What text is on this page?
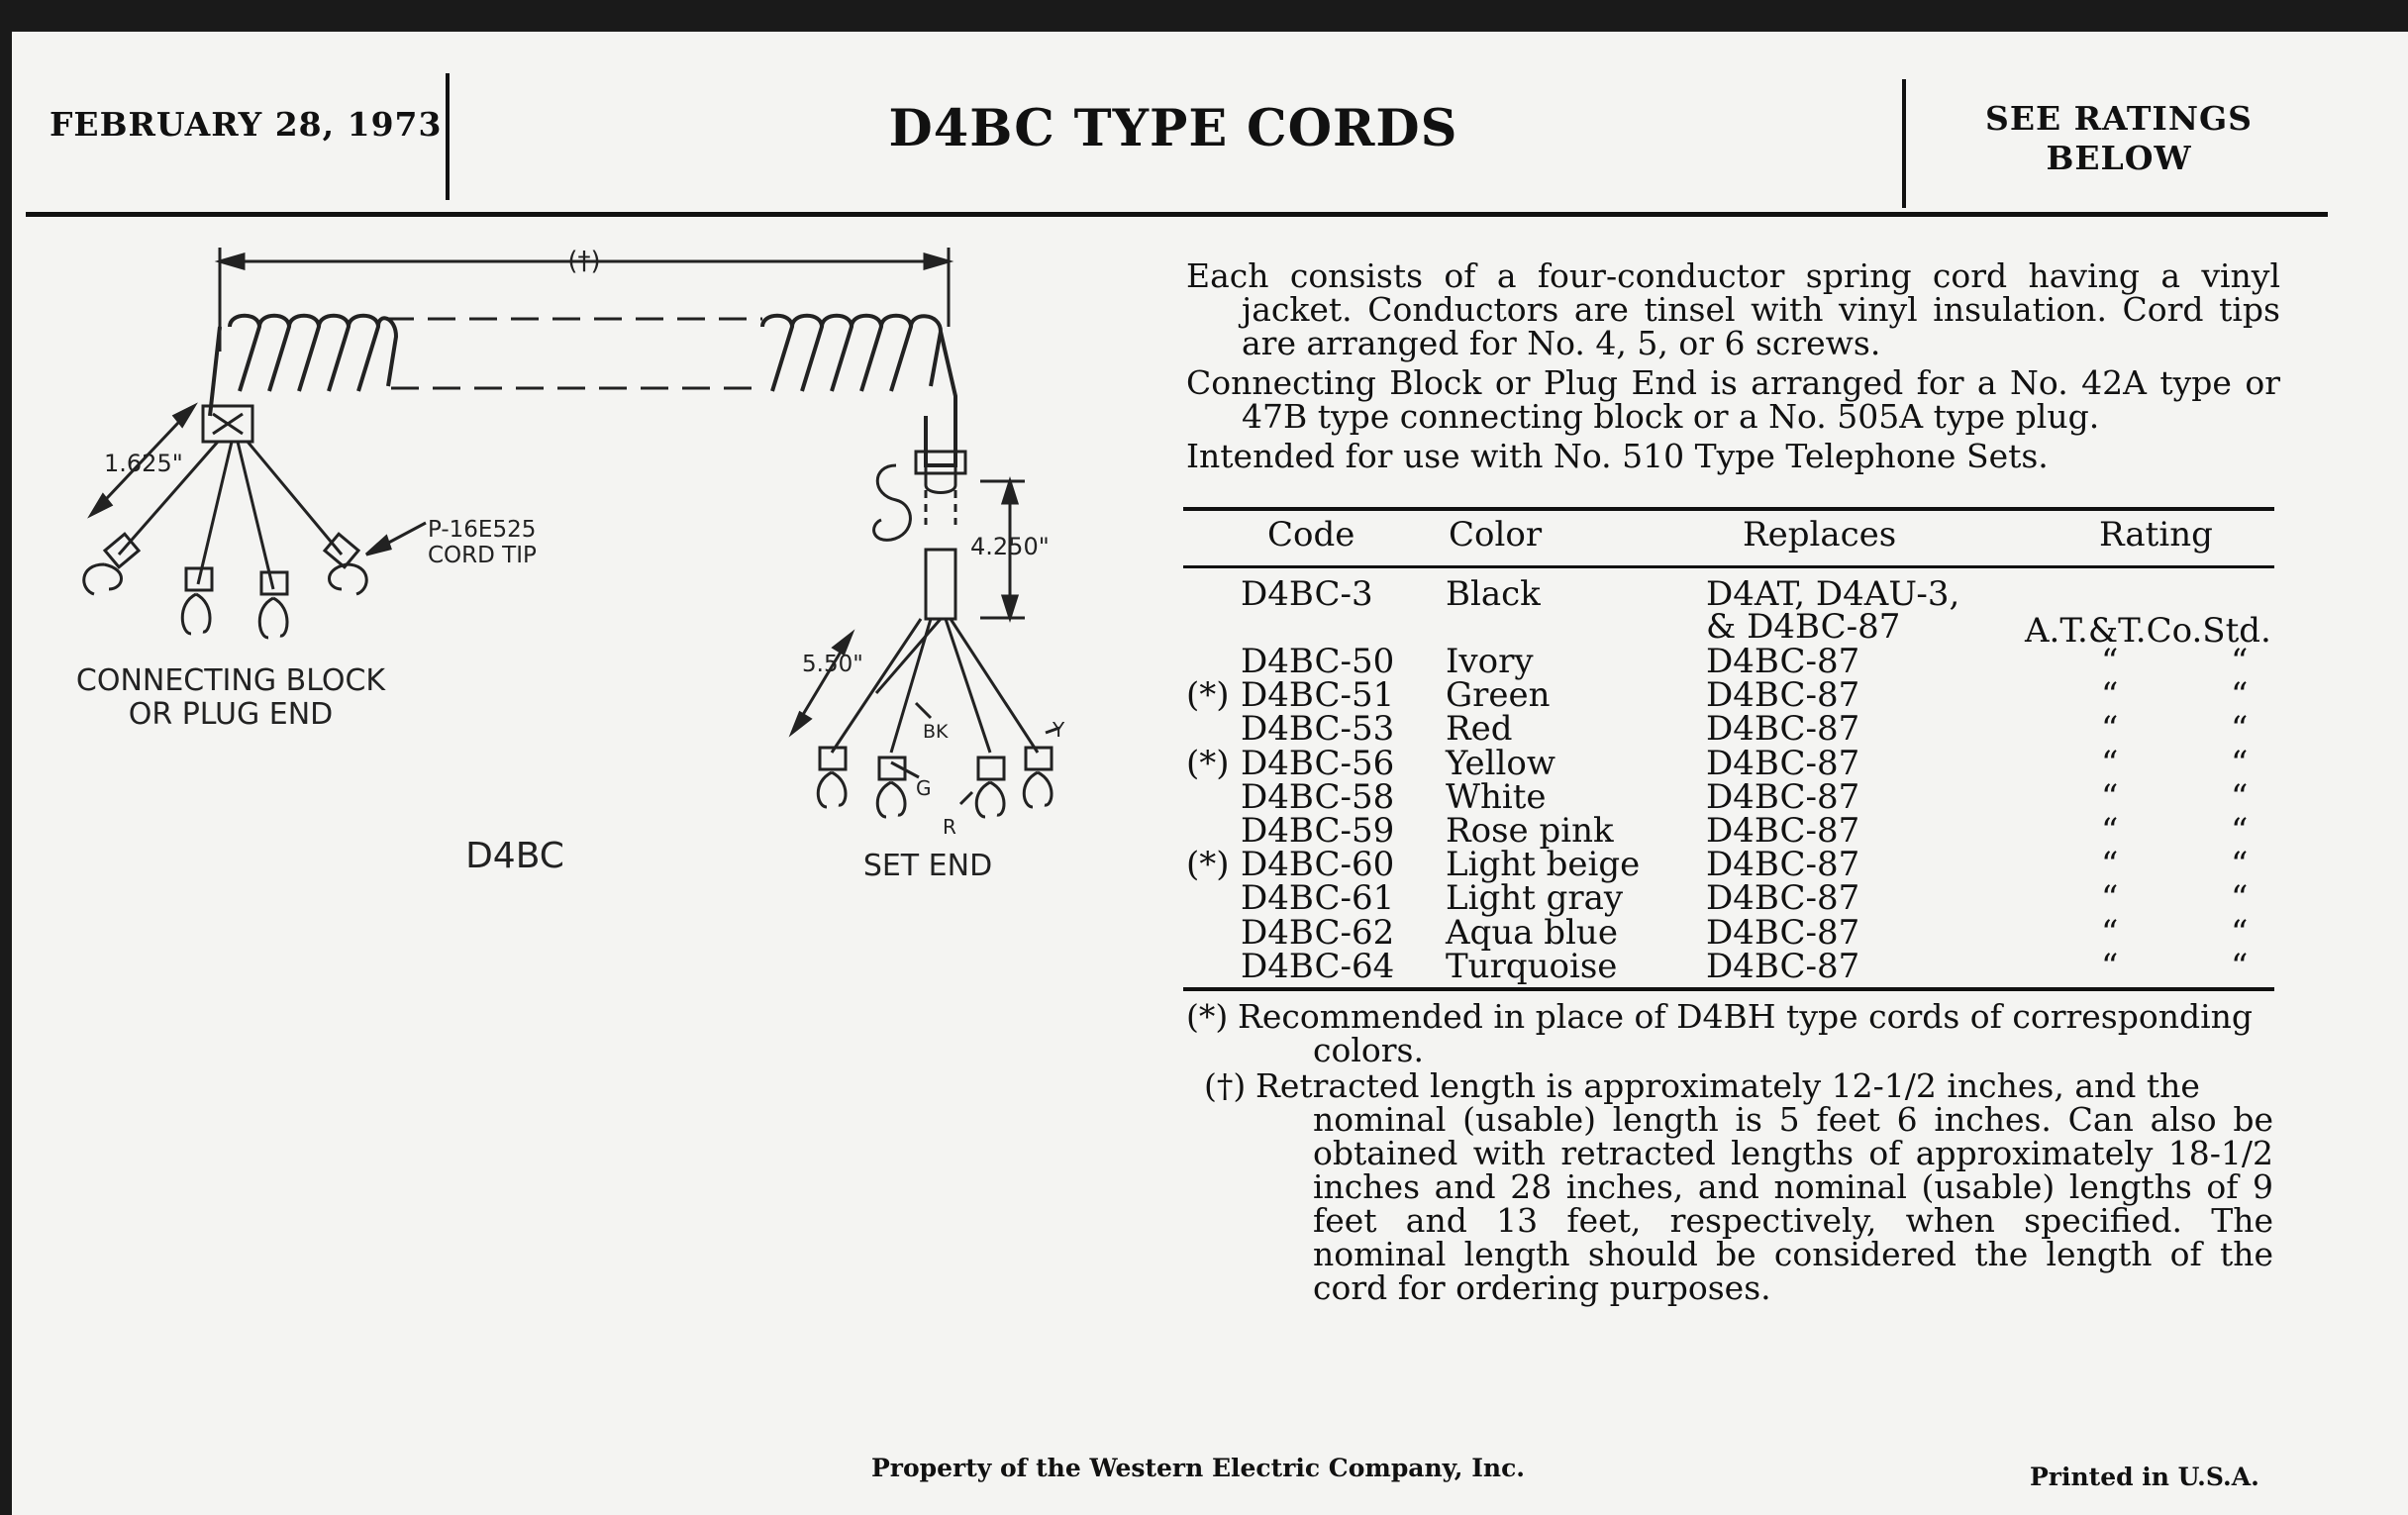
FEBRUARY 28, 1973	D4BC TYPE CORDS	SEE RATINGS
BELOW
(†)
1.625"
P-16E525
CORD TIP	4.250"
5.50"
BK	Y
G
R
CONNECTING BLOCK
OR PLUG END
D4BC	SET END

Each consists of a four-conductor spring cord having a vinyl jacket. Conductors are tinsel with vinyl insulation. Cord tips are arranged for No. 4, 5, or 6 screws.

Connecting Block or Plug End is arranged for a No. 42A type or 47B type connecting block or a No. 505A type plug.

Intended for use with No. 510 Type Telephone Sets.

Code	Color	Replaces	Rating
D4BC-3 Black	D4AT, D4AU-3,
& D4BC-87	A.T.&T.Co.Std.
D4BC-50 Ivory	D4BC-87	“	“
(*) D4BC-51 Green	D4BC-87	“	“
D4BC-53 Red	D4BC-87	“	“
(*) D4BC-56 Yellow	D4BC-87	“	“
D4BC-58 White	D4BC-87	“	“
D4BC-59 Rose pink	D4BC-87	“	“
(*) D4BC-60 Light beige D4BC-87	“	“
D4BC-61 Light gray D4BC-87	“	“
D4BC-62 Aqua blue	D4BC-87	“	“
D4BC-64 Turquoise	D4BC-87	“	“
(*) Recommended in place of D4BH type cords of corresponding
colors.
(†) Retracted length is approximately 12-1/2 inches, and the
nominal (usable) length is 5 feet 6 inches. Can also be obtained with retracted lengths of approximately 18-1/2 inches and 28 inches, and nominal (usable) lengths of 9 feet and 13 feet, respectively, when specified. The nominal length should be considered the length of the cord for ordering purposes.
Property of the Western Electric Company, Inc.	Printed in U.S.A.
